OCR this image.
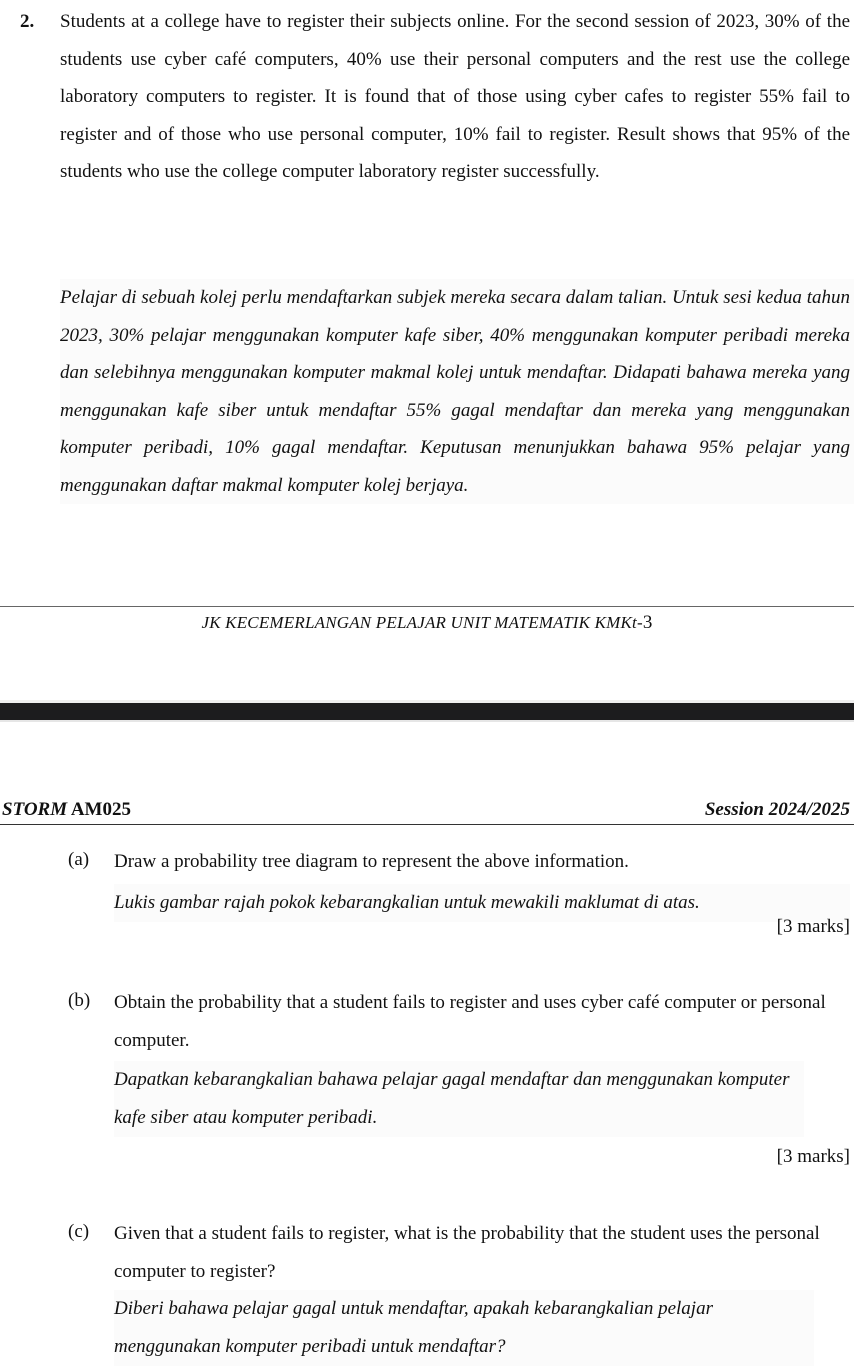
2. Students at a college have to register their subjects online. For the second session of 2023, 30% of the students use cyber café computers, 40% use their personal computers and the rest use the college laboratory computers to register. It is found that of those using cyber cafes to register 55% fail to register and of those who use personal computer, 10% fail to register. Result shows that 95% of the students who use the college computer laboratory register successfully.
Pelajar di sebuah kolej perlu mendaftarkan subjek mereka secara dalam talian. Untuk sesi kedua tahun 2023, 30% pelajar menggunakan komputer kafe siber, 40% menggunakan komputer peribadi mereka dan selebihnya menggunakan komputer makmal kolej untuk mendaftar. Didapati bahawa mereka yang menggunakan kafe siber untuk mendaftar 55% gagal mendaftar dan mereka yang menggunakan komputer peribadi, 10% gagal mendaftar. Keputusan menunjukkan bahawa 95% pelajar yang menggunakan daftar makmal komputer kolej berjaya.
JK KECEMERLANGAN PELAJAR UNIT MATEMATIK KMKt-3
STORM AM025	Session 2024/2025
(a) Draw a probability tree diagram to represent the above information.
Lukis gambar rajah pokok kebarangkalian untuk mewakili maklumat di atas.
[3 marks]
(b) Obtain the probability that a student fails to register and uses cyber café computer or personal computer.
Dapatkan kebarangkalian bahawa pelajar gagal mendaftar dan menggunakan komputer kafe siber atau komputer peribadi.
[3 marks]
(c) Given that a student fails to register, what is the probability that the student uses the personal computer to register?
Diberi bahawa pelajar gagal untuk mendaftar, apakah kebarangkalian pelajar menggunakan komputer peribadi untuk mendaftar?
